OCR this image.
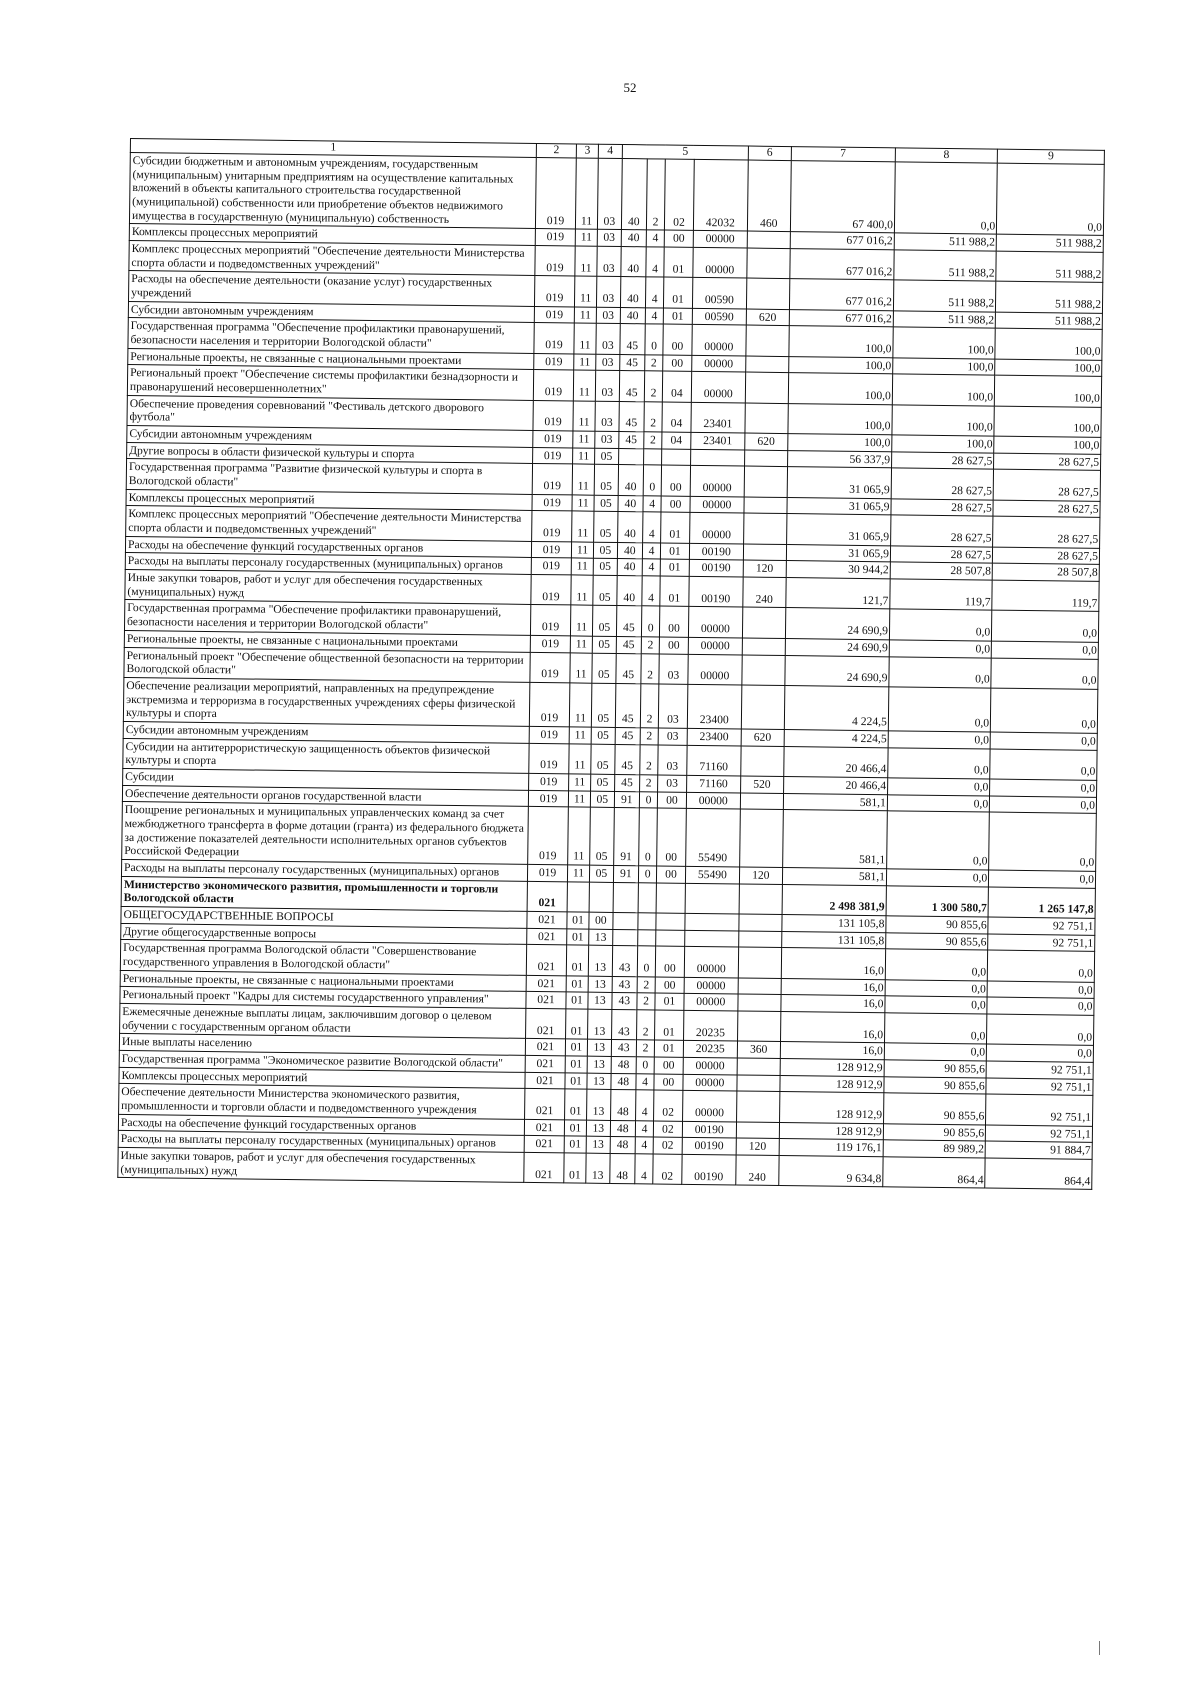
52
1	2	3	4	5				6	7	8	9
Субсидии бюджетным и автономным учреждениям, государственным (муниципальным) унитарным предприятиям на осуществление капитальных вложений в объекты капитального строительства государственной (муниципальной) собственности или приобретение объектов недвижимого имущества в государственную (муниципальную) собственность	019	11	03	40	2	02	42032	460	67 400,0	0,0	0,0
Комплексы процессных мероприятий	019	11	03	40	4	00	00000		677 016,2	511 988,2	511 988,2
Комплекс процессных мероприятий "Обеспечение деятельности Министерства спорта области и подведомственных учреждений"	019	11	03	40	4	01	00000		677 016,2	511 988,2	511 988,2
Расходы на обеспечение деятельности (оказание услуг) государственных учреждений	019	11	03	40	4	01	00590		677 016,2	511 988,2	511 988,2
Субсидии автономным учреждениям	019	11	03	40	4	01	00590	620	677 016,2	511 988,2	511 988,2
Государственная программа "Обеспечение профилактики правонарушений, безопасности населения и территории Вологодской области"	019	11	03	45	0	00	00000		100,0	100,0	100,0
Региональные проекты, не связанные с национальными проектами	019	11	03	45	2	00	00000		100,0	100,0	100,0
Региональный проект "Обеспечение системы профилактики безнадзорности и правонарушений несовершеннолетних"	019	11	03	45	2	04	00000		100,0	100,0	100,0
Обеспечение проведения соревнований "Фестиваль детского дворового футбола"	019	11	03	45	2	04	23401		100,0	100,0	100,0
Субсидии автономным учреждениям	019	11	03	45	2	04	23401	620	100,0	100,0	100,0
Другие вопросы в области физической культуры и спорта	019	11	05						56 337,9	28 627,5	28 627,5
Государственная программа "Развитие физической культуры и спорта в Вологодской области"	019	11	05	40	0	00	00000		31 065,9	28 627,5	28 627,5
Комплексы процессных мероприятий	019	11	05	40	4	00	00000		31 065,9	28 627,5	28 627,5
Комплекс процессных мероприятий "Обеспечение деятельности Министерства спорта области и подведомственных учреждений"	019	11	05	40	4	01	00000		31 065,9	28 627,5	28 627,5
Расходы на обеспечение функций государственных органов	019	11	05	40	4	01	00190		31 065,9	28 627,5	28 627,5
Расходы на выплаты персоналу государственных (муниципальных) органов	019	11	05	40	4	01	00190	120	30 944,2	28 507,8	28 507,8
Иные закупки товаров, работ и услуг для обеспечения государственных (муниципальных) нужд	019	11	05	40	4	01	00190	240	121,7	119,7	119,7
Государственная программа "Обеспечение профилактики правонарушений, безопасности населения и территории Вологодской области"	019	11	05	45	0	00	00000		24 690,9	0,0	0,0
Региональные проекты, не связанные с национальными проектами	019	11	05	45	2	00	00000		24 690,9	0,0	0,0
Региональный проект "Обеспечение общественной безопасности на территории Вологодской области"	019	11	05	45	2	03	00000		24 690,9	0,0	0,0
Обеспечение реализации мероприятий, направленных на предупреждение экстремизма и терроризма в государственных учреждениях сферы физической культуры и спорта	019	11	05	45	2	03	23400		4 224,5	0,0	0,0
Субсидии автономным учреждениям	019	11	05	45	2	03	23400	620	4 224,5	0,0	0,0
Субсидии на антитеррористическую защищенность объектов физической культуры и спорта	019	11	05	45	2	03	71160		20 466,4	0,0	0,0
Субсидии	019	11	05	45	2	03	71160	520	20 466,4	0,0	0,0
Обеспечение деятельности органов государственной власти	019	11	05	91	0	00	00000		581,1	0,0	0,0
Поощрение региональных и муниципальных управленческих команд за счет межбюджетного трансферта в форме дотации (гранта) из федерального бюджета за достижение показателей деятельности исполнительных органов субъектов Российской Федерации	019	11	05	91	0	00	55490		581,1	0,0	0,0
Расходы на выплаты персоналу государственных (муниципальных) органов	019	11	05	91	0	00	55490	120	581,1	0,0	0,0
Министерство экономического развития, промышленности и торговли Вологодской области	021								2 498 381,9	1 300 580,7	1 265 147,8
ОБЩЕГОСУДАРСТВЕННЫЕ ВОПРОСЫ	021	01	00						131 105,8	90 855,6	92 751,1
Другие общегосударственные вопросы	021	01	13						131 105,8	90 855,6	92 751,1
Государственная программа Вологодской области "Совершенствование государственного управления в Вологодской области"	021	01	13	43	0	00	00000		16,0	0,0	0,0
Региональные проекты, не связанные с национальными проектами	021	01	13	43	2	00	00000		16,0	0,0	0,0
Региональный проект "Кадры для системы государственного управления"	021	01	13	43	2	01	00000		16,0	0,0	0,0
Ежемесячные денежные выплаты лицам, заключившим договор о целевом обучении с государственным органом области	021	01	13	43	2	01	20235		16,0	0,0	0,0
Иные выплаты населению	021	01	13	43	2	01	20235	360	16,0	0,0	0,0
Государственная программа "Экономическое развитие Вологодской области"	021	01	13	48	0	00	00000		128 912,9	90 855,6	92 751,1
Комплексы процессных мероприятий	021	01	13	48	4	00	00000		128 912,9	90 855,6	92 751,1
Обеспечение деятельности Министерства экономического развития, промышленности и торговли области и подведомственного учреждения	021	01	13	48	4	02	00000		128 912,9	90 855,6	92 751,1
Расходы на обеспечение функций государственных органов	021	01	13	48	4	02	00190		128 912,9	90 855,6	92 751,1
Расходы на выплаты персоналу государственных (муниципальных) органов	021	01	13	48	4	02	00190	120	119 176,1	89 989,2	91 884,7
Иные закупки товаров, работ и услуг для обеспечения государственных (муниципальных) нужд	021	01	13	48	4	02	00190	240	9 634,8	864,4	864,4
